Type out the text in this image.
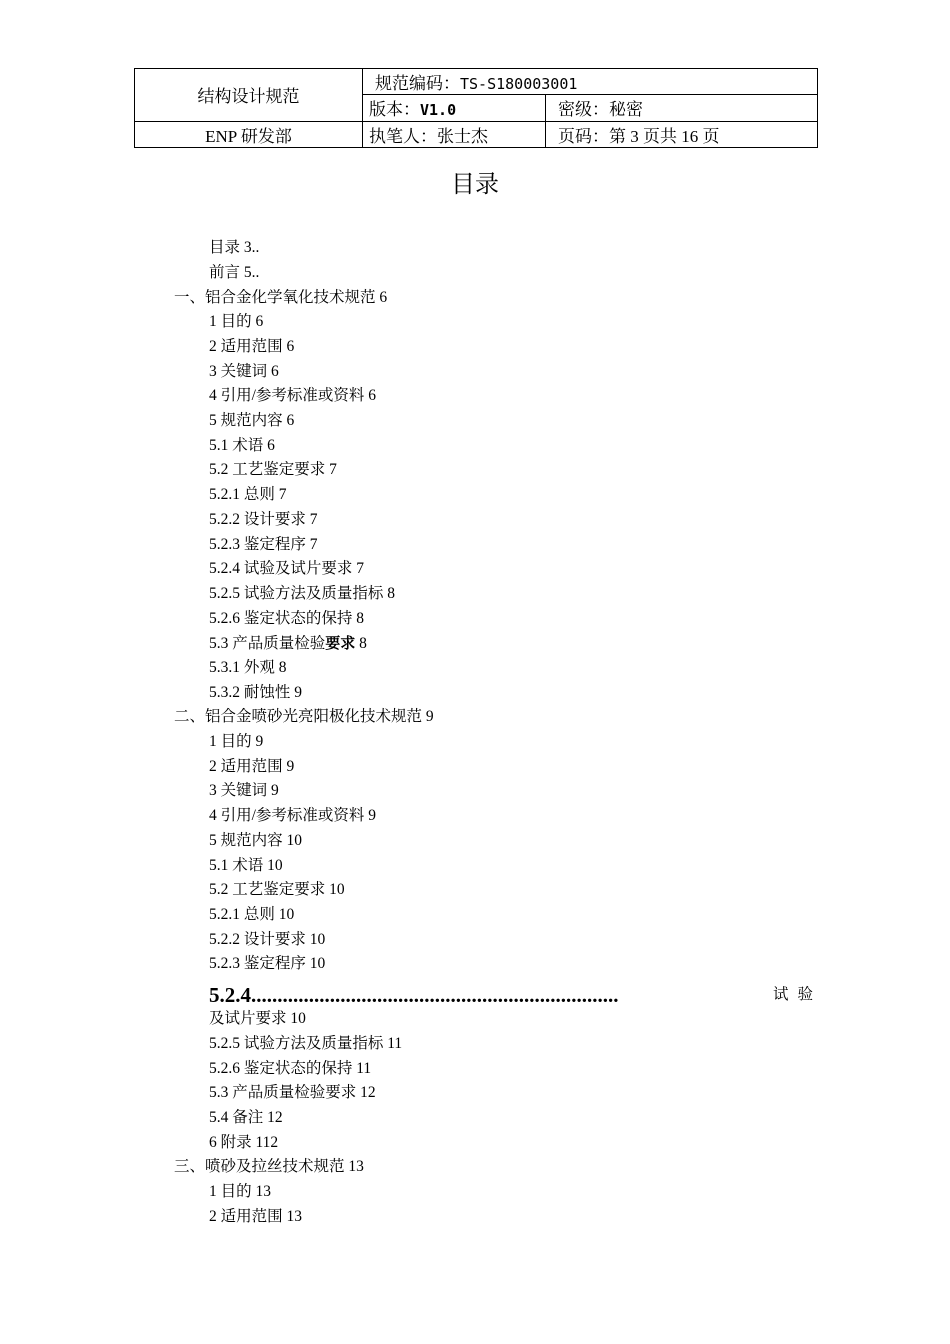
结构设计规范	规范编码：TS-S180003001	
	版本：V1.0	密级：秘密
ENP 研发部	执笔人：张士杰	页码：第 3 页共 16 页
目录
目录 3..
前言 5..
一、铝合金化学氧化技术规范 6
1 目的 6
2 适用范围 6
3 关键词 6
4 引用/参考标准或资料 6
5 规范内容 6
5.1 术语 6
5.2 工艺鉴定要求 7
5.2.1 总则 7
5.2.2 设计要求 7
5.2.3 鉴定程序 7
5.2.4 试验及试片要求 7
5.2.5 试验方法及质量指标 8
5.2.6 鉴定状态的保持 8
5.3 产品质量检验要求 8
5.3.1 外观 8
5.3.2 耐蚀性 9
二、铝合金喷砂光亮阳极化技术规范 9
1 目的 9
2 适用范围 9
3 关键词 9
4 引用/参考标准或资料 9
5 规范内容 10
5.1 术语 10
5.2 工艺鉴定要求 10
5.2.1 总则 10
5.2.2 设计要求 10
5.2.3 鉴定程序 10
5.2.4......................................................................	试验
及试片要求 10
5.2.5 试验方法及质量指标 11
5.2.6 鉴定状态的保持 11
5.3 产品质量检验要求 12
5.4 备注 12
6 附录 112
三、喷砂及拉丝技术规范 13
1 目的 13
2 适用范围 13
